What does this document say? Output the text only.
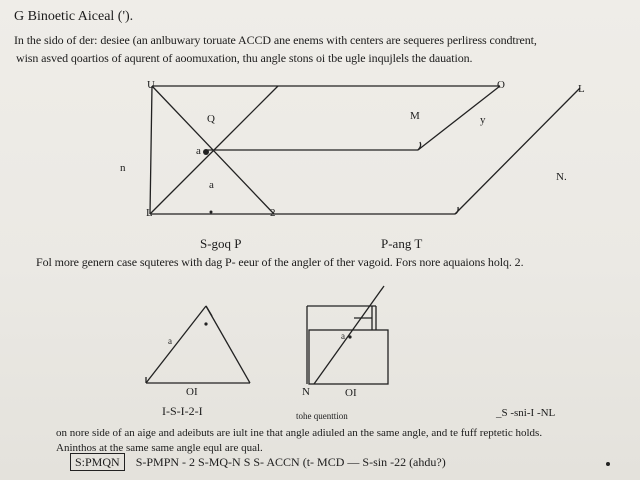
G Binoetic Aiceal (').
In the sido of der: desiee (an anlbuwary toruate ACCD ane enems with centers are sequeres perliress condtrent,
wisn asved qoartios of aqurent of aoomuxation, thu angle stons oi tbe ugle inqujlels the dauation.
U	O	L
Q	M	y
a
n
a
N.
L	2
S-goq P	P-ang T
Fol more genern case squteres with dag P- eeur of the angler of ther vagoid. Fors nore aquaions holq. 2.
a
OI
I-S-I-2-I
a
N	OI
tohe quenttion	_S -sni-I -NL
on nore side of an aige and adeibuts are iult ine that angle adiuled an the same angle, and te fuff reptetic holds.
Aninthos at the same same angle equl are qual.
S:PMQN S-PMPN - 2 S-MQ-N S S- ACCN (t- MCD — S-sin -22 (ahdu?)
